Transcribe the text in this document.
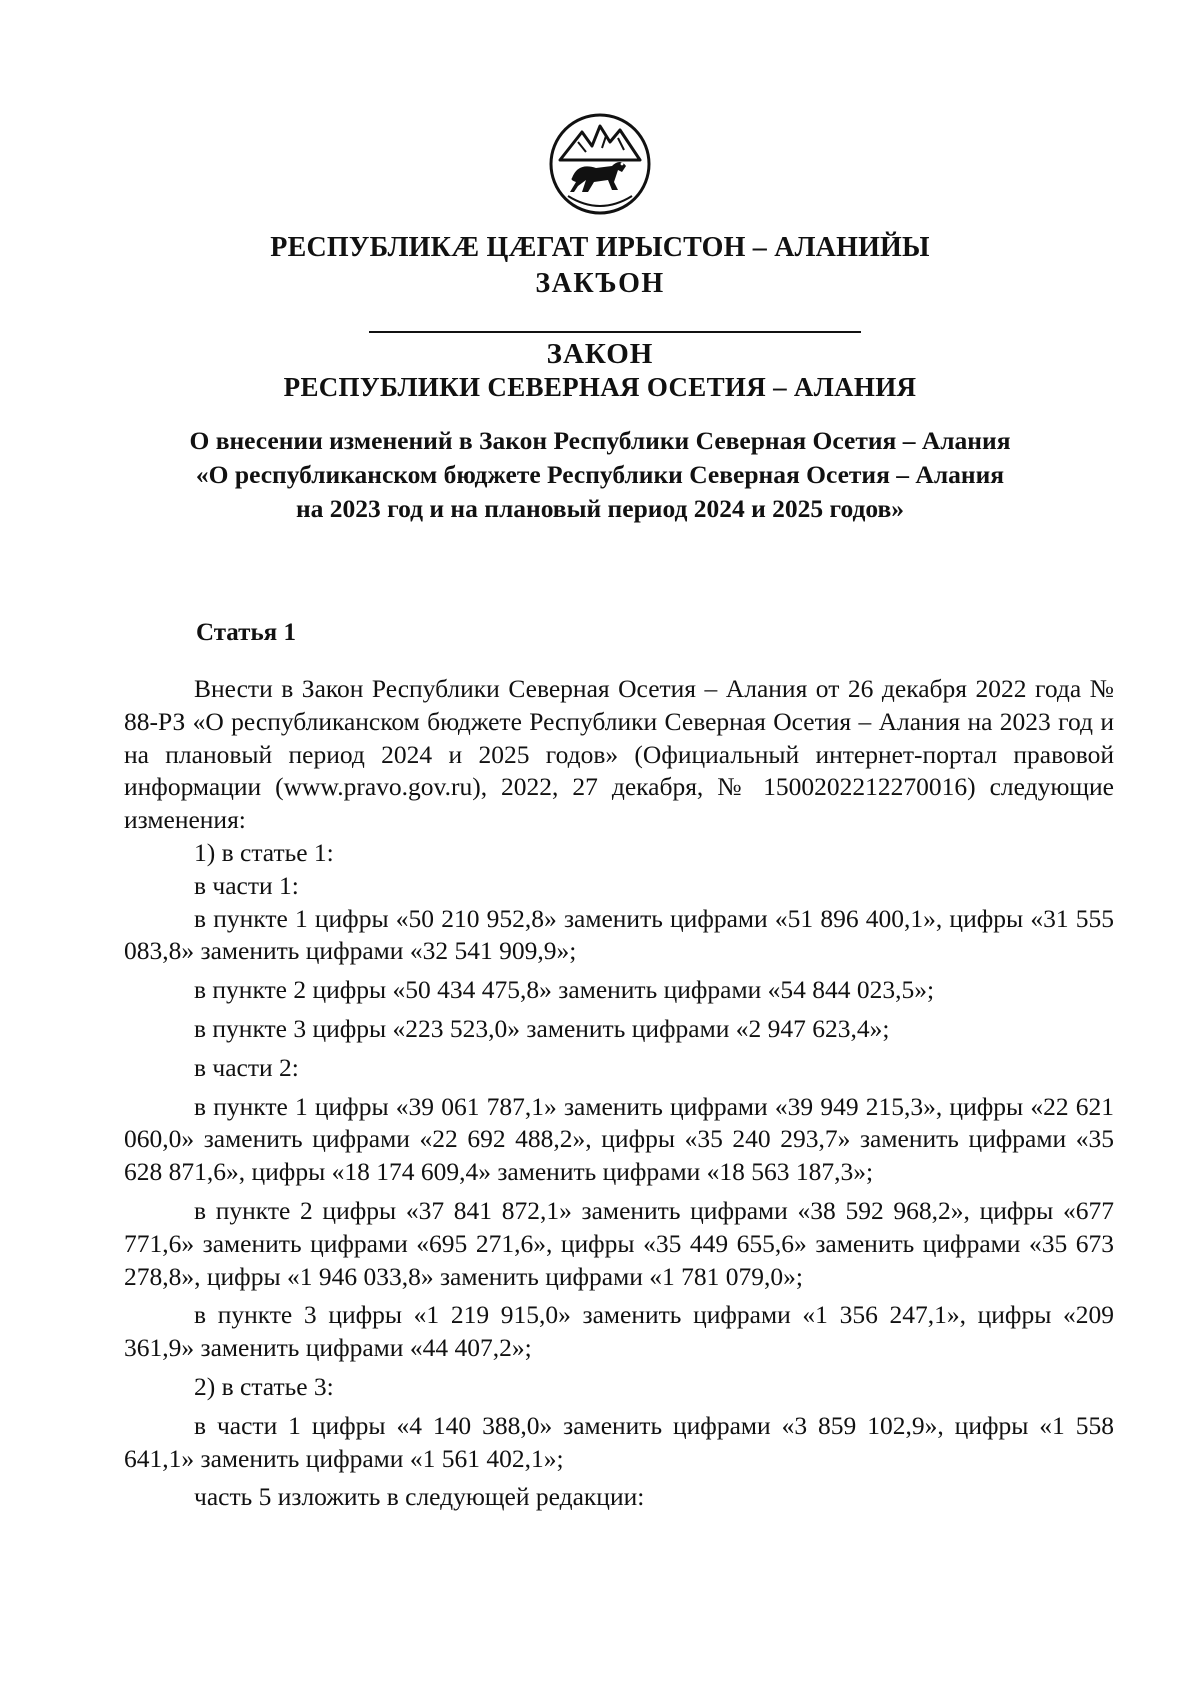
РЕСПУБЛИКÆ ЦÆГАТ ИРЫСТОН – АЛАНИЙЫ
ЗАКЪОН
ЗАКОН
РЕСПУБЛИКИ СЕВЕРНАЯ ОСЕТИЯ – АЛАНИЯ
О внесении изменений в Закон Республики Северная Осетия – Алания
«О республиканском бюджете Республики Северная Осетия – Алания
на 2023 год и на плановый период 2024 и 2025 годов»
Статья 1

Внести в Закон Республики Северная Осетия – Алания от 26 декабря 2022 года № 88-РЗ «О республиканском бюджете Республики Северная Осетия – Алания на 2023 год и на плановый период 2024 и 2025 годов» (Официальный интернет-портал правовой информации (www.pravo.gov.ru), 2022, 27 декабря, № 1500202212270016) следующие изменения:

1) в статье 1:

в части 1:

в пункте 1 цифры «50 210 952,8» заменить цифрами «51 896 400,1», цифры «31 555 083,8» заменить цифрами «32 541 909,9»;

в пункте 2 цифры «50 434 475,8» заменить цифрами «54 844 023,5»;

в пункте 3 цифры «223 523,0» заменить цифрами «2 947 623,4»;

в части 2:

в пункте 1 цифры «39 061 787,1» заменить цифрами «39 949 215,3», цифры «22 621 060,0» заменить цифрами «22 692 488,2», цифры «35 240 293,7» заменить цифрами «35 628 871,6», цифры «18 174 609,4» заменить цифрами «18 563 187,3»;

в пункте 2 цифры «37 841 872,1» заменить цифрами «38 592 968,2», цифры «677 771,6» заменить цифрами «695 271,6», цифры «35 449 655,6» заменить цифрами «35 673 278,8», цифры «1 946 033,8» заменить цифрами «1 781 079,0»;

в пункте 3 цифры «1 219 915,0» заменить цифрами «1 356 247,1», цифры «209 361,9» заменить цифрами «44 407,2»;

2) в статье 3:

в части 1 цифры «4 140 388,0» заменить цифрами «3 859 102,9», цифры «1 558 641,1» заменить цифрами «1 561 402,1»;

часть 5 изложить в следующей редакции:
